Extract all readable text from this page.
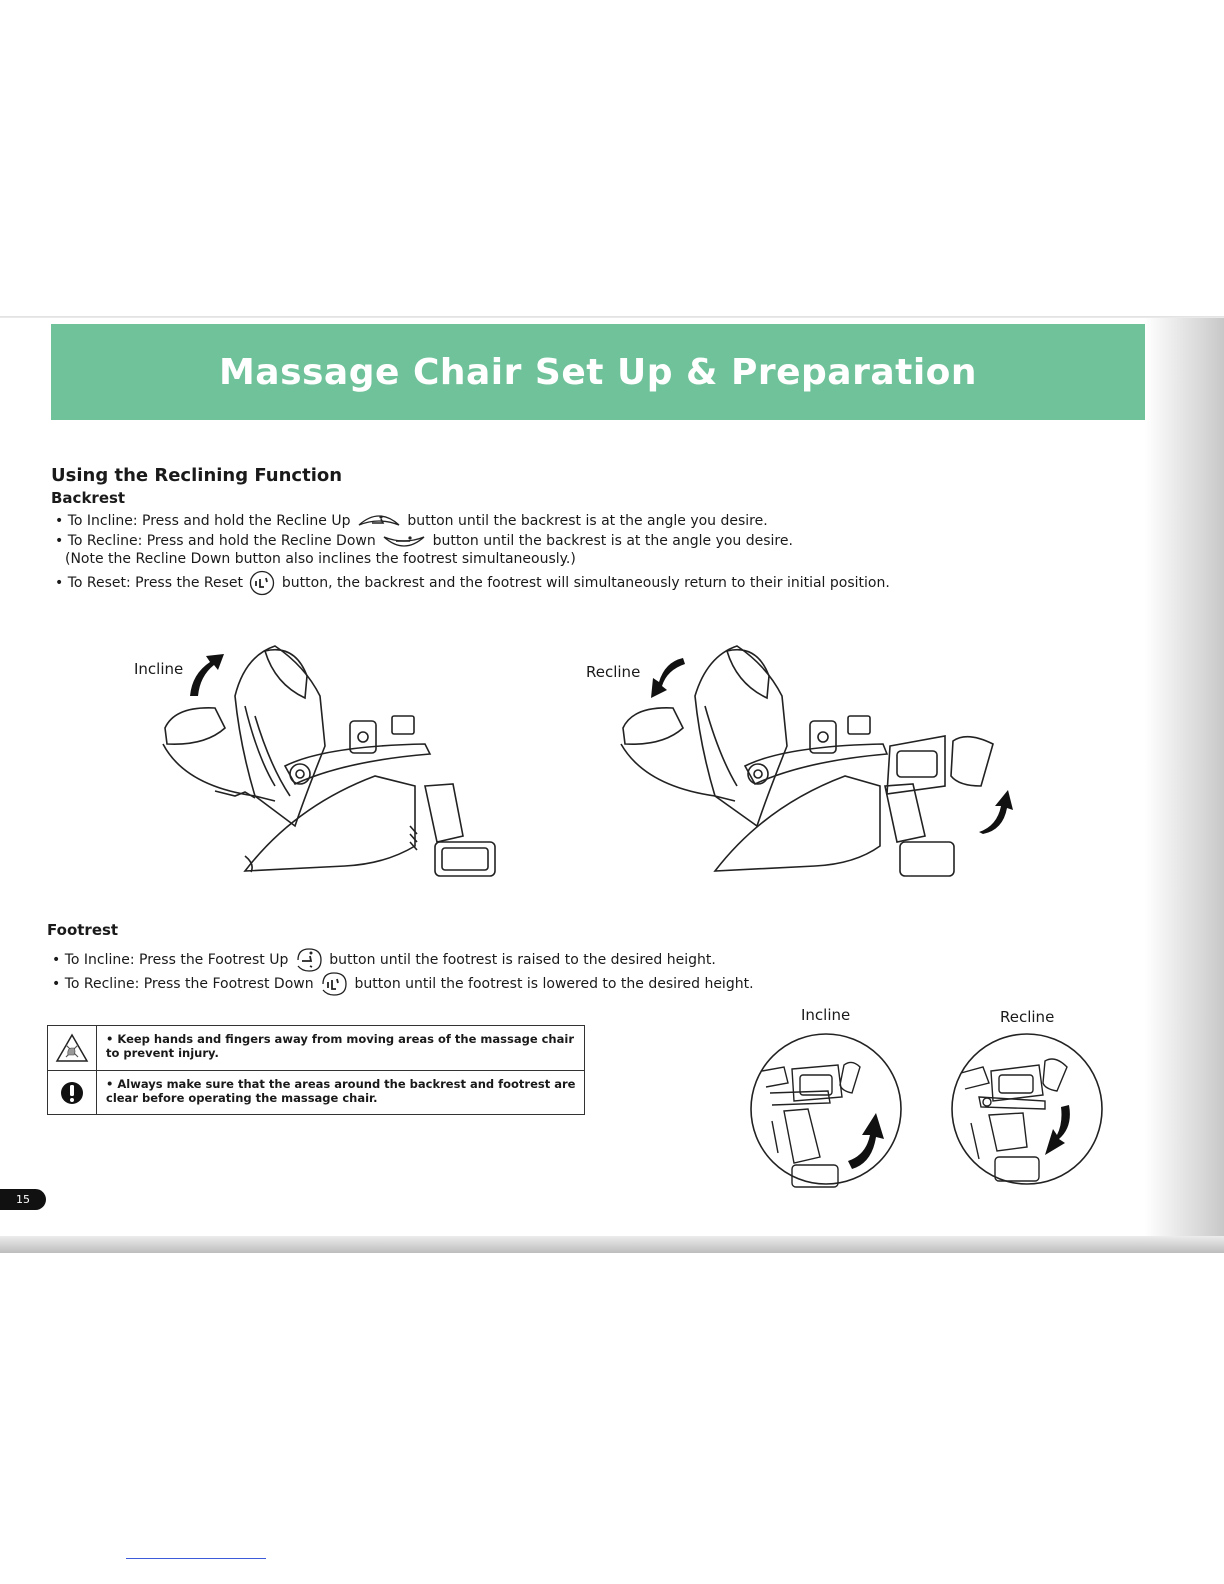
Massage Chair Set Up & Preparation
Using the Reclining Function
Backrest
• To Incline: Press and hold the Recline Up	button until the backrest is at the angle you desire.
• To Recline: Press and hold the Recline Down	button until the backrest is at the angle you desire.
(Note the Recline Down button also inclines the footrest simultaneously.)
• To Reset: Press the Reset	button, the backrest and the footrest will simultaneously return to their initial position.
Incline	Recline
Footrest
• To Incline: Press the Footrest Up	button until the footrest is raised to the desired height.
• To Recline: Press the Footrest Down	button until the footrest is lowered to the desired height.
• Keep hands and fingers away from moving areas of the massage chair
to prevent injury.
• Always make sure that the areas around the backrest and footrest are
clear before operating the massage chair.
Incline	Recline
15
